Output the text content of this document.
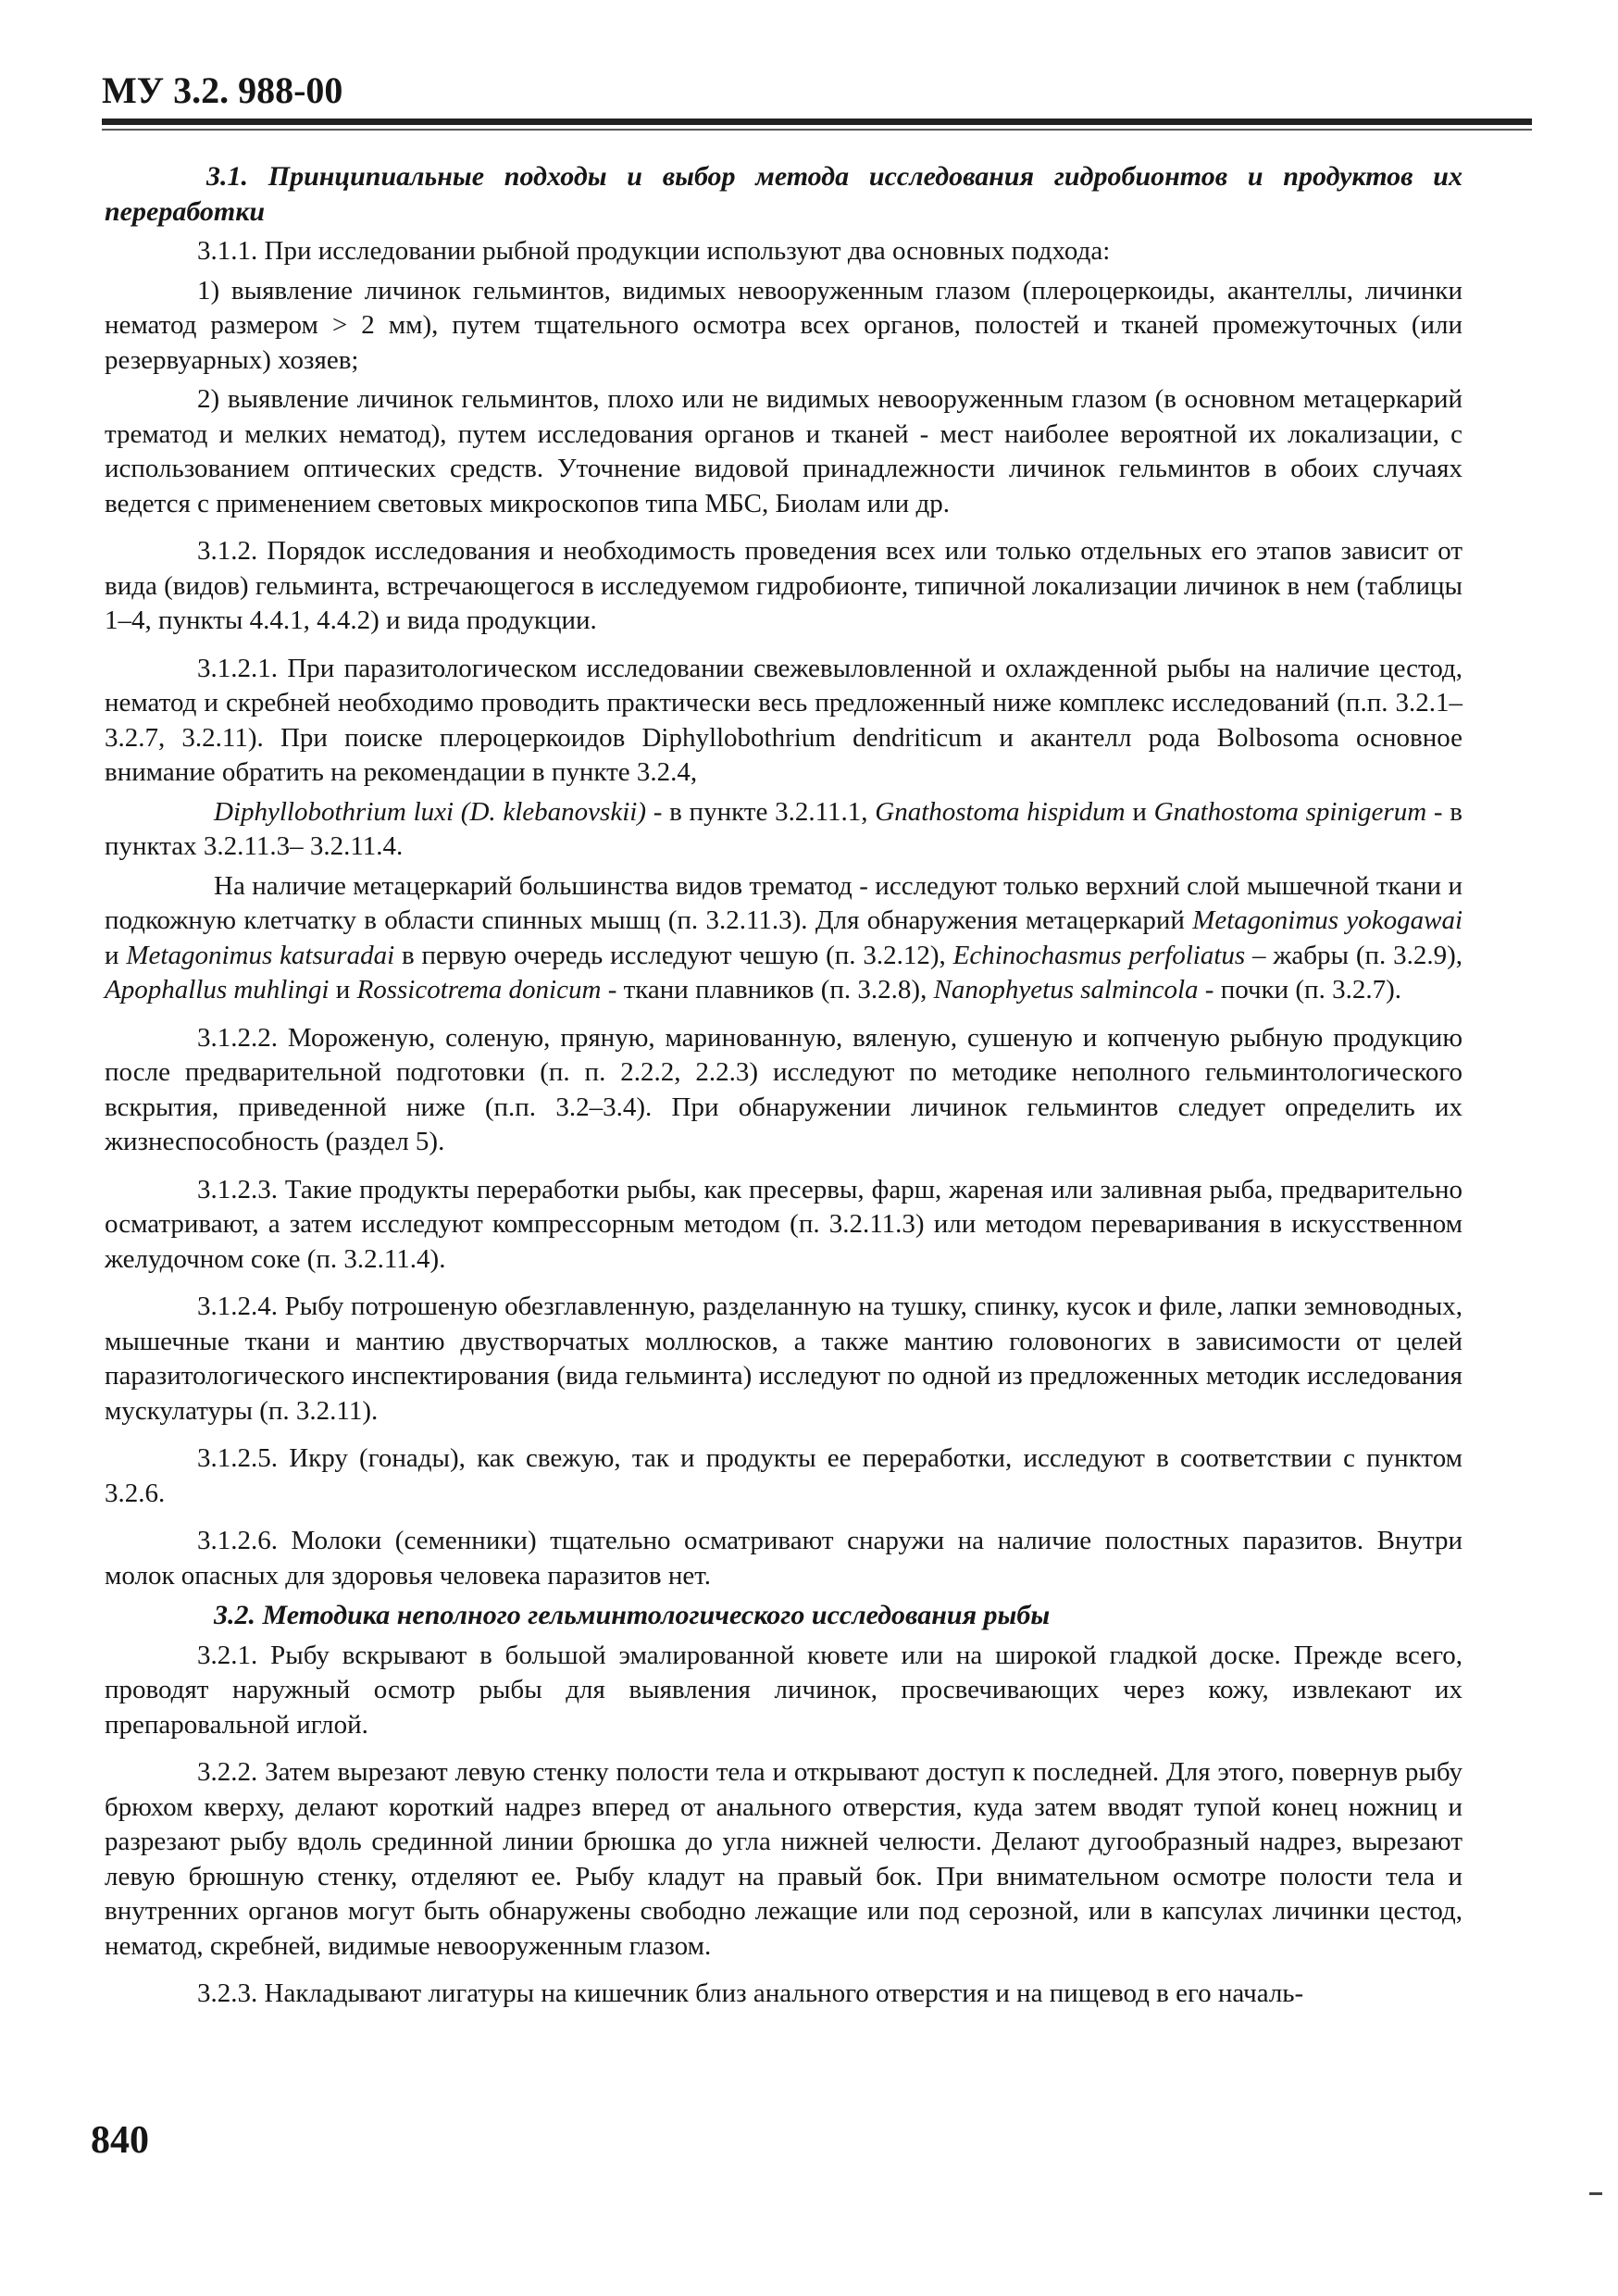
МУ 3.2. 988-00

3.1. Принципиальные подходы и выбор метода исследования гидробионтов и продуктов их переработки

3.1.1. При исследовании рыбной продукции используют два основных подхода:

1) выявление личинок гельминтов, видимых невооруженным глазом (плероцеркоиды, акантеллы, личинки нематод размером > 2 мм), путем тщательного осмотра всех органов, полостей и тканей промежуточных (или резервуарных) хозяев;

2) выявление личинок гельминтов, плохо или не видимых невооруженным глазом (в основном метацеркарий трематод и мелких нематод), путем исследования органов и тканей - мест наиболее вероятной их локализации, с использованием оптических средств. Уточнение видовой принадлежности личинок гельминтов в обоих случаях ведется с применением световых микроскопов типа МБС, Биолам или др.

3.1.2. Порядок исследования и необходимость проведения всех или только отдельных его этапов зависит от вида (видов) гельминта, встречающегося в исследуемом гидробионте, типичной локализации личинок в нем (таблицы 1–4, пункты 4.4.1, 4.4.2) и вида продукции.

3.1.2.1. При паразитологическом исследовании свежевыловленной и охлажденной рыбы на наличие цестод, нематод и скребней необходимо проводить практически весь предложенный ниже комплекс исследований (п.п. 3.2.1–3.2.7, 3.2.11). При поиске плероцеркоидов Diphyllobothrium dendriticum и акантелл рода Bolbosoma основное внимание обратить на рекомендации в пункте 3.2.4,

Diphyllobothrium luxi (D. klebanovskii) - в пункте 3.2.11.1, Gnathostoma hispidum и Gnathostoma spinigerum - в пунктах 3.2.11.3– 3.2.11.4.

На наличие метацеркарий большинства видов трематод - исследуют только верхний слой мышечной ткани и подкожную клетчатку в области спинных мышц (п. 3.2.11.3). Для обнаружения метацеркарий Metagonimus yokogawai и Metagonimus katsuradai в первую очередь исследуют чешую (п. 3.2.12), Echinochasmus perfoliatus – жабры (п. 3.2.9), Apophallus muhlingi и Rossicotrema donicum - ткани плавников (п. 3.2.8), Nanophyetus salmincola - почки (п. 3.2.7).

3.1.2.2. Мороженую, соленую, пряную, маринованную, вяленую, сушеную и копченую рыбную продукцию после предварительной подготовки (п. п. 2.2.2, 2.2.3) исследуют по методике неполного гельминтологического вскрытия, приведенной ниже (п.п. 3.2–3.4). При обнаружении личинок гельминтов следует определить их жизнеспособность (раздел 5).

3.1.2.3. Такие продукты переработки рыбы, как пресервы, фарш, жареная или заливная рыба, предварительно осматривают, а затем исследуют компрессорным методом (п. 3.2.11.3) или методом переваривания в искусственном желудочном соке (п. 3.2.11.4).

3.1.2.4. Рыбу потрошеную обезглавленную, разделанную на тушку, спинку, кусок и филе, лапки земноводных, мышечные ткани и мантию двустворчатых моллюсков, а также мантию головоногих в зависимости от целей паразитологического инспектирования (вида гельминта) исследуют по одной из предложенных методик исследования мускулатуры (п. 3.2.11).

3.1.2.5. Икру (гонады), как свежую, так и продукты ее переработки, исследуют в соответствии с пунктом 3.2.6.

3.1.2.6. Молоки (семенники) тщательно осматривают снаружи на наличие полостных паразитов. Внутри молок опасных для здоровья человека паразитов нет.

3.2. Методика неполного гельминтологического исследования рыбы

3.2.1. Рыбу вскрывают в большой эмалированной кювете или на широкой гладкой доске. Прежде всего, проводят наружный осмотр рыбы для выявления личинок, просвечивающих через кожу, извлекают их препаровальной иглой.

3.2.2. Затем вырезают левую стенку полости тела и открывают доступ к последней. Для этого, повернув рыбу брюхом кверху, делают короткий надрез вперед от анального отверстия, куда затем вводят тупой конец ножниц и разрезают рыбу вдоль срединной линии брюшка до угла нижней челюсти. Делают дугообразный надрез, вырезают левую брюшную стенку, отделяют ее. Рыбу кладут на правый бок. При внимательном осмотре полости тела и внутренних органов могут быть обнаружены свободно лежащие или под серозной, или в капсулах личинки цестод, нематод, скребней, видимые невооруженным глазом.

3.2.3. Накладывают лигатуры на кишечник близ анального отверстия и на пищевод в его началь-

840
